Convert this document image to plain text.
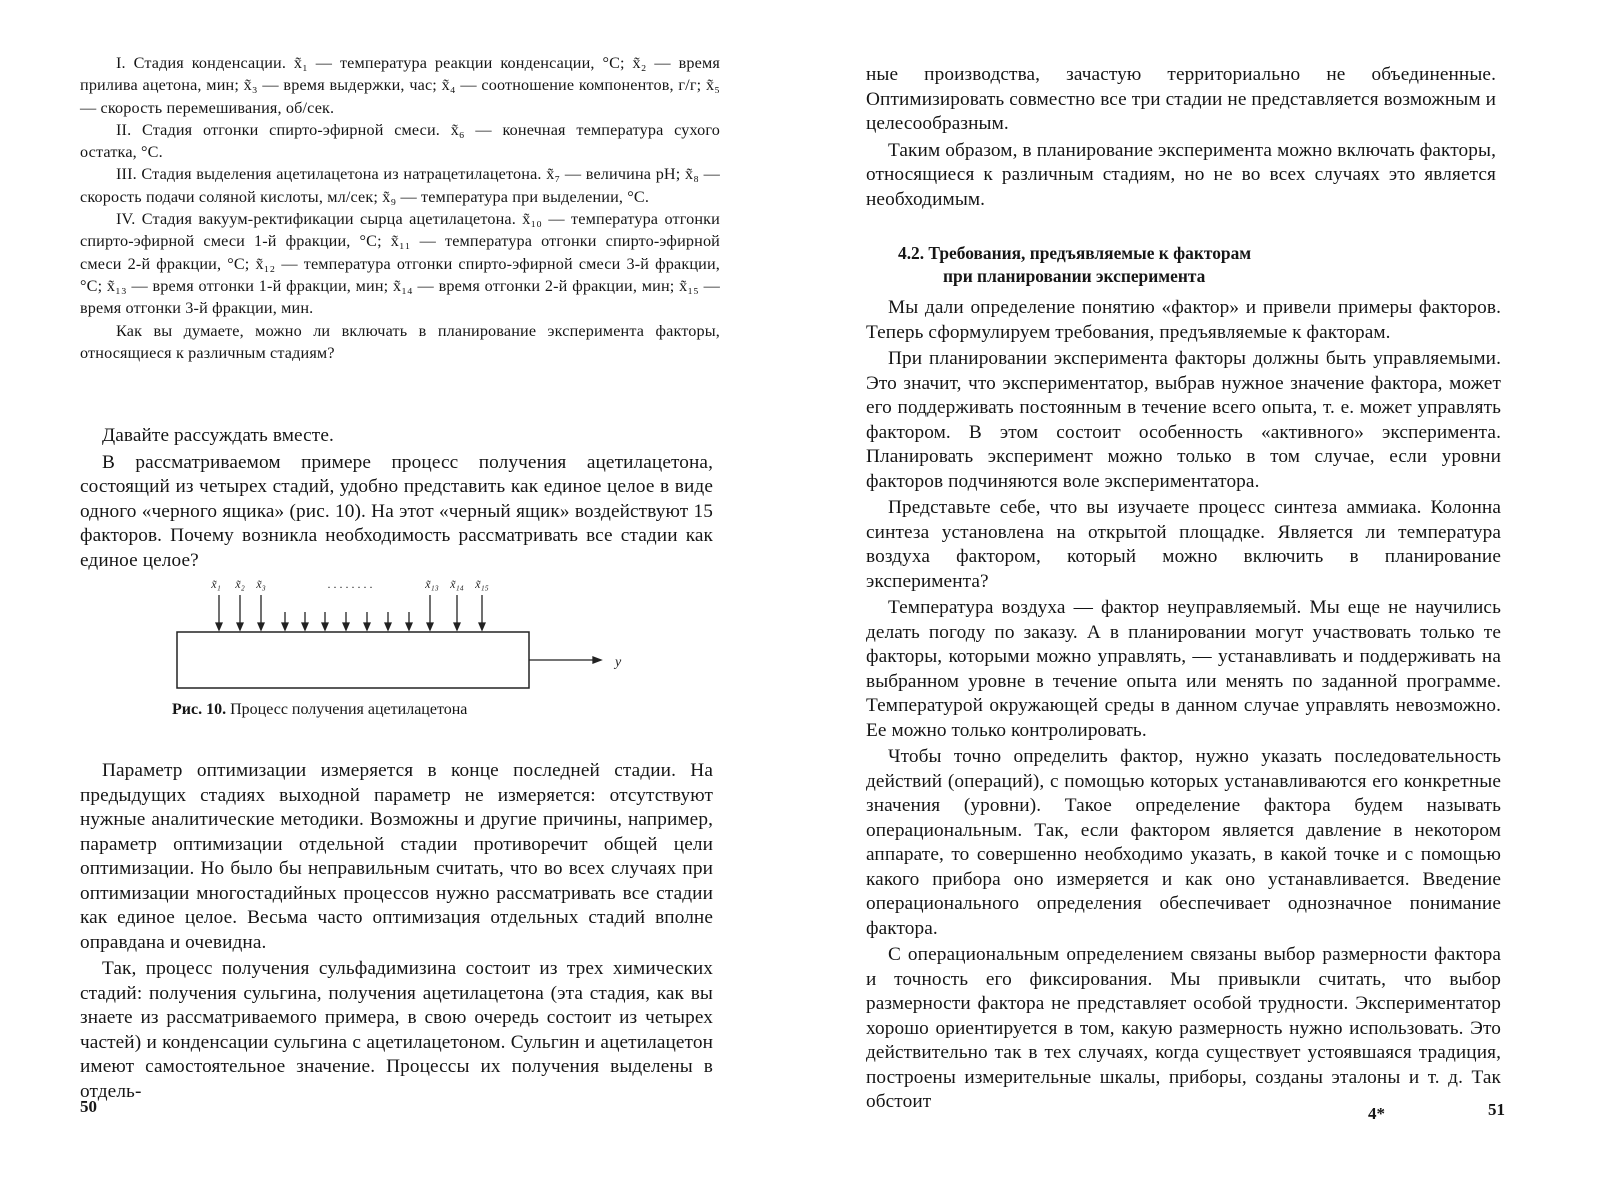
I. Стадия конденсации. x̃₁ — температура реакции конденсации, °С; x̃₂ — время прилива ацетона, мин; x̃₃ — время выдержки, час; x̃₄ — соотношение компонентов, г/г; x̃₅ — скорость перемешивания, об/сек.

II. Стадия отгонки спирто-эфирной смеси. x̃₆ — конечная температура сухого остатка, °С.

III. Стадия выделения ацетилацетона из натрацетилацетона. x̃₇ — величина pH; x̃₈ — скорость подачи соляной кислоты, мл/сек; x̃₉ — температура при выделении, °С.

IV. Стадия вакуум-ректификации сырца ацетилацетона. x̃₁₀ — температура отгонки спирто-эфирной смеси 1-й фракции, °С; x̃₁₁ — температура отгонки спирто-эфирной смеси 2-й фракции, °С; x̃₁₂ — температура отгонки спирто-эфирной смеси 3-й фракции, °С; x̃₁₃ — время отгонки 1-й фракции, мин; x̃₁₄ — время отгонки 2-й фракции, мин; x̃₁₅ — время отгонки 3-й фракции, мин.

Как вы думаете, можно ли включать в планирование эксперимента факторы, относящиеся к различным стадиям?

Давайте рассуждать вместе.

В рассматриваемом примере процесс получения ацетилацетона, состоящий из четырех стадий, удобно представить как единое целое в виде одного «черного ящика» (рис. 10). На этот «черный ящик» воздействуют 15 факторов. Почему возникла необходимость рассматривать все стадии как единое целое?

x̃₁ x̃₂ x̃₃	. . . . . . . .	x̃₁₃ x̃₁₄ x̃₁₅
y
Рис. 10. Процесс получения ацетилацетона

Параметр оптимизации измеряется в конце последней стадии. На предыдущих стадиях выходной параметр не измеряется: отсутствуют нужные аналитические методики. Возможны и другие причины, например, параметр оптимизации отдельной стадии противоречит общей цели оптимизации. Но было бы неправильным считать, что во всех случаях при оптимизации многостадийных процессов нужно рассматривать все стадии как единое целое. Весьма часто оптимизация отдельных стадий вполне оправдана и очевидна.

Так, процесс получения сульфадимизина состоит из трех химических стадий: получения сульгина, получения ацетилацетона (эта стадия, как вы знаете из рассматриваемого примера, в свою очередь состоит из четырех частей) и конденсации сульгина с ацетилацетоном. Сульгин и ацетилацетон имеют самостоятельное значение. Процессы их получения выделены в отдель-

50

ные производства, зачастую территориально не объединенные. Оптимизировать совместно все три стадии не представляется возможным и целесообразным.

Таким образом, в планирование эксперимента можно включать факторы, относящиеся к различным стадиям, но не во всех случаях это является необходимым.

4.2. Требования, предъявляемые к факторам
при планировании эксперимента

Мы дали определение понятию «фактор» и привели примеры факторов. Теперь сформулируем требования, предъявляемые к факторам.

При планировании эксперимента факторы должны быть управляемыми. Это значит, что экспериментатор, выбрав нужное значение фактора, может его поддерживать постоянным в течение всего опыта, т. е. может управлять фактором. В этом состоит особенность «активного» эксперимента. Планировать эксперимент можно только в том случае, если уровни факторов подчиняются воле экспериментатора.

Представьте себе, что вы изучаете процесс синтеза аммиака. Колонна синтеза установлена на открытой площадке. Является ли температура воздуха фактором, который можно включить в планирование эксперимента?

Температура воздуха — фактор неуправляемый. Мы еще не научились делать погоду по заказу. А в планировании могут участвовать только те факторы, которыми можно управлять, — устанавливать и поддерживать на выбранном уровне в течение опыта или менять по заданной программе. Температурой окружающей среды в данном случае управлять невозможно. Ее можно только контролировать.

Чтобы точно определить фактор, нужно указать последовательность действий (операций), с помощью которых устанавливаются его конкретные значения (уровни). Такое определение фактора будем называть операциональным. Так, если фактором является давление в некотором аппарате, то совершенно необходимо указать, в какой точке и с помощью какого прибора оно измеряется и как оно устанавливается. Введение операционального определения обеспечивает однозначное понимание фактора.

С операциональным определением связаны выбор размерности фактора и точность его фиксирования. Мы привыкли считать, что выбор размерности фактора не представляет особой трудности. Экспериментатор хорошо ориентируется в том, какую размерность нужно использовать. Это действительно так в тех случаях, когда существует устоявшаяся традиция, построены измерительные шкалы, приборы, созданы эталоны и т. д. Так обстоит

4*	51
